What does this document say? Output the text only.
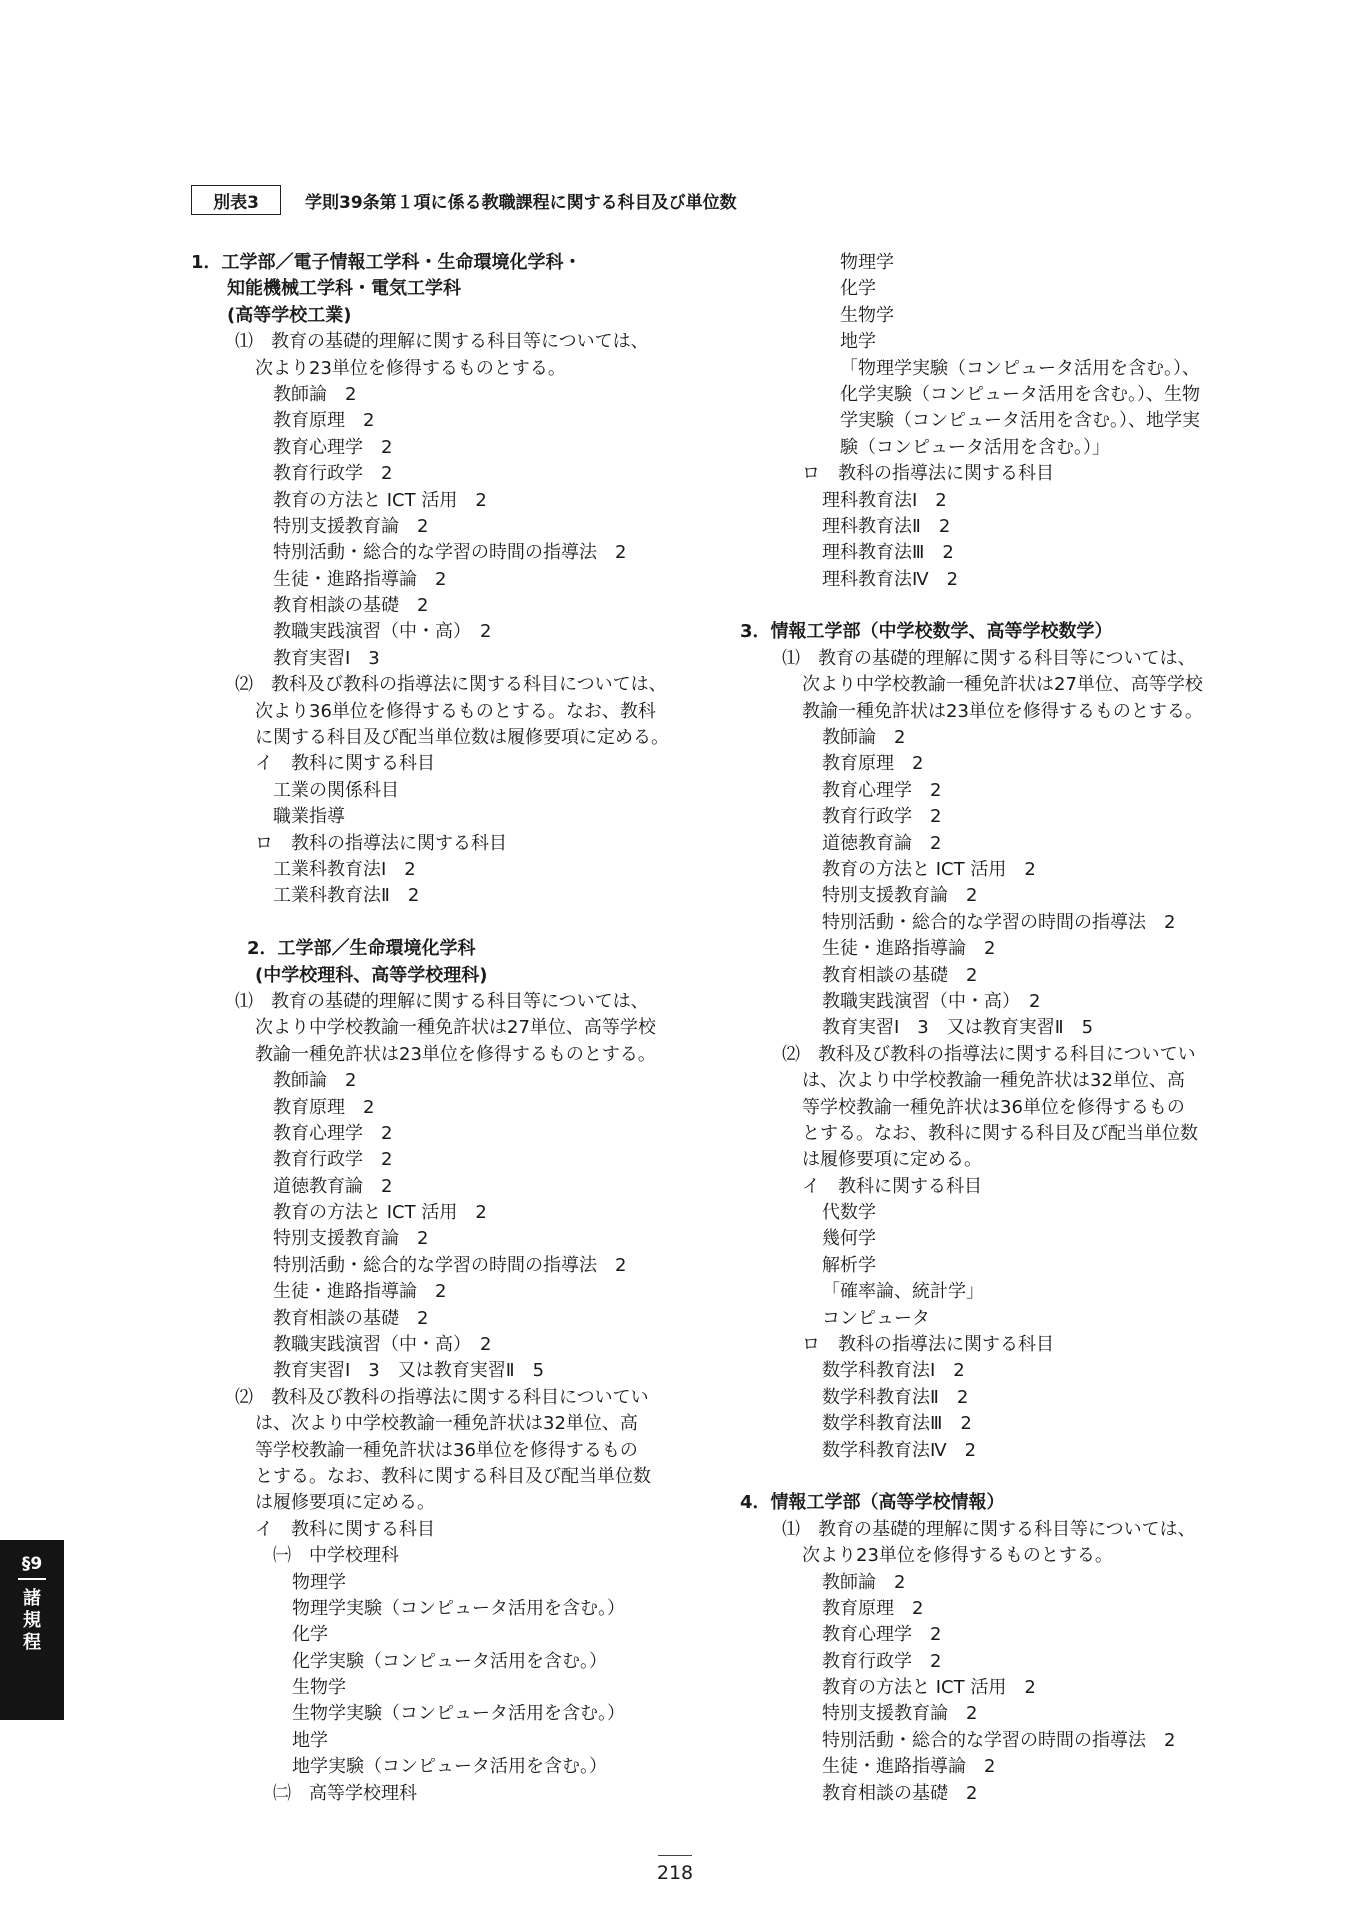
別表3	学則39条第１項に係る教職課程に関する科目及び単位数
1．工学部／電子情報工学科・生命環境化学科・
知能機械工学科・電気工学科
(高等学校工業)
⑴　教育の基礎的理解に関する科目等については、
次より23単位を修得するものとする。
教師論　2
教育原理　2
教育心理学　2
教育行政学　2
教育の方法と ICT 活用　2
特別支援教育論　2
特別活動・総合的な学習の時間の指導法　2
生徒・進路指導論　2
教育相談の基礎　2
教職実践演習（中・高）　2
教育実習Ⅰ　3
⑵　教科及び教科の指導法に関する科目については、
次より36単位を修得するものとする。なお、教科
に関する科目及び配当単位数は履修要項に定める。
イ　教科に関する科目
工業の関係科目
職業指導
ロ　教科の指導法に関する科目
工業科教育法Ⅰ　2
工業科教育法Ⅱ　2
2．工学部／生命環境化学科
(中学校理科、高等学校理科)
⑴　教育の基礎的理解に関する科目等については、
次より中学校教諭一種免許状は27単位、高等学校
教諭一種免許状は23単位を修得するものとする。
教師論　2
教育原理　2
教育心理学　2
教育行政学　2
道徳教育論　2
教育の方法と ICT 活用　2
特別支援教育論　2
特別活動・総合的な学習の時間の指導法　2
生徒・進路指導論　2
教育相談の基礎　2
教職実践演習（中・高）　2
教育実習Ⅰ　3　又は教育実習Ⅱ　5
⑵　教科及び教科の指導法に関する科目についてい
は、次より中学校教諭一種免許状は32単位、高
等学校教諭一種免許状は36単位を修得するもの
とする。なお、教科に関する科目及び配当単位数
は履修要項に定める。
イ　教科に関する科目
㈠　中学校理科
物理学
物理学実験（コンピュータ活用を含む。）
化学
化学実験（コンピュータ活用を含む。）
生物学
生物学実験（コンピュータ活用を含む。）
地学
地学実験（コンピュータ活用を含む。）
㈡　高等学校理科
物理学
化学
生物学
地学
「物理学実験（コンピュータ活用を含む。）、
化学実験（コンピュータ活用を含む。）、生物
学実験（コンピュータ活用を含む。）、地学実
験（コンピュータ活用を含む。）」
ロ　教科の指導法に関する科目
理科教育法Ⅰ　2
理科教育法Ⅱ　2
理科教育法Ⅲ　2
理科教育法Ⅳ　2
3．情報工学部（中学校数学、高等学校数学）
⑴　教育の基礎的理解に関する科目等については、
次より中学校教諭一種免許状は27単位、高等学校
教諭一種免許状は23単位を修得するものとする。
教師論　2
教育原理　2
教育心理学　2
教育行政学　2
道徳教育論　2
教育の方法と ICT 活用　2
特別支援教育論　2
特別活動・総合的な学習の時間の指導法　2
生徒・進路指導論　2
教育相談の基礎　2
教職実践演習（中・高）　2
教育実習Ⅰ　3　又は教育実習Ⅱ　5
⑵　教科及び教科の指導法に関する科目についてい
は、次より中学校教諭一種免許状は32単位、高
等学校教諭一種免許状は36単位を修得するもの
とする。なお、教科に関する科目及び配当単位数
は履修要項に定める。
イ　教科に関する科目
代数学
幾何学
解析学
「確率論、統計学」
コンピュータ
ロ　教科の指導法に関する科目
数学科教育法Ⅰ　2
数学科教育法Ⅱ　2
数学科教育法Ⅲ　2
数学科教育法Ⅳ　2
4．情報工学部（高等学校情報）
⑴　教育の基礎的理解に関する科目等については、
次より23単位を修得するものとする。
教師論　2
教育原理　2
教育心理学　2
教育行政学　2
教育の方法と ICT 活用　2
特別支援教育論　2
特別活動・総合的な学習の時間の指導法　2
生徒・進路指導論　2
教育相談の基礎　2
§9
諸規程
218
